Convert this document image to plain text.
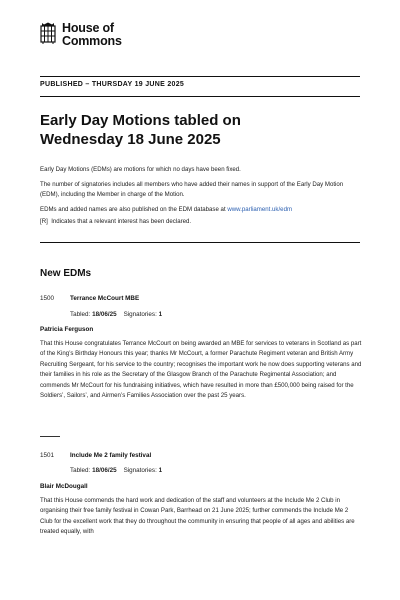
House of
Commons
PUBLISHED – THURSDAY 19 JUNE 2025
Early Day Motions tabled on
Wednesday 18 June 2025
Early Day Motions (EDMs) are motions for which no days have been fixed.
The number of signatories includes all members who have added their names in support of the Early Day Motion (EDM), including the Member in charge of the Motion.
EDMs and added names are also published on the EDM database at www.parliament.uk/edm
[R] Indicates that a relevant interest has been declared.
New EDMs
1500	Terrance McCourt MBE
Tabled: 18/06/25 Signatories: 1
Patricia Ferguson
That this House congratulates Terrance McCourt on being awarded an MBE for services to veterans in Scotland as part of the King’s Birthday Honours this year; thanks Mr McCourt, a former Parachute Regiment veteran and British Army Recruiting Sergeant, for his service to the country; recognises the important work he now does supporting veterans and their families in his role as the Secretary of the Glasgow Branch of the Parachute Regimental Association; and commends Mr McCourt for his fundraising initiatives, which have resulted in more than £500,000 being raised for the Soldiers’, Sailors’, and Airmen’s Families Association over the past 25 years.
1501	Include Me 2 family festival
Tabled: 18/06/25 Signatories: 1
Blair McDougall
That this House commends the hard work and dedication of the staff and volunteers at the Include Me 2 Club in organising their free family festival in Cowan Park, Barrhead on 21 June 2025; further commends the Include Me 2 Club for the excellent work that they do throughout the community in ensuring that people of all ages and abilities are treated equally, with
